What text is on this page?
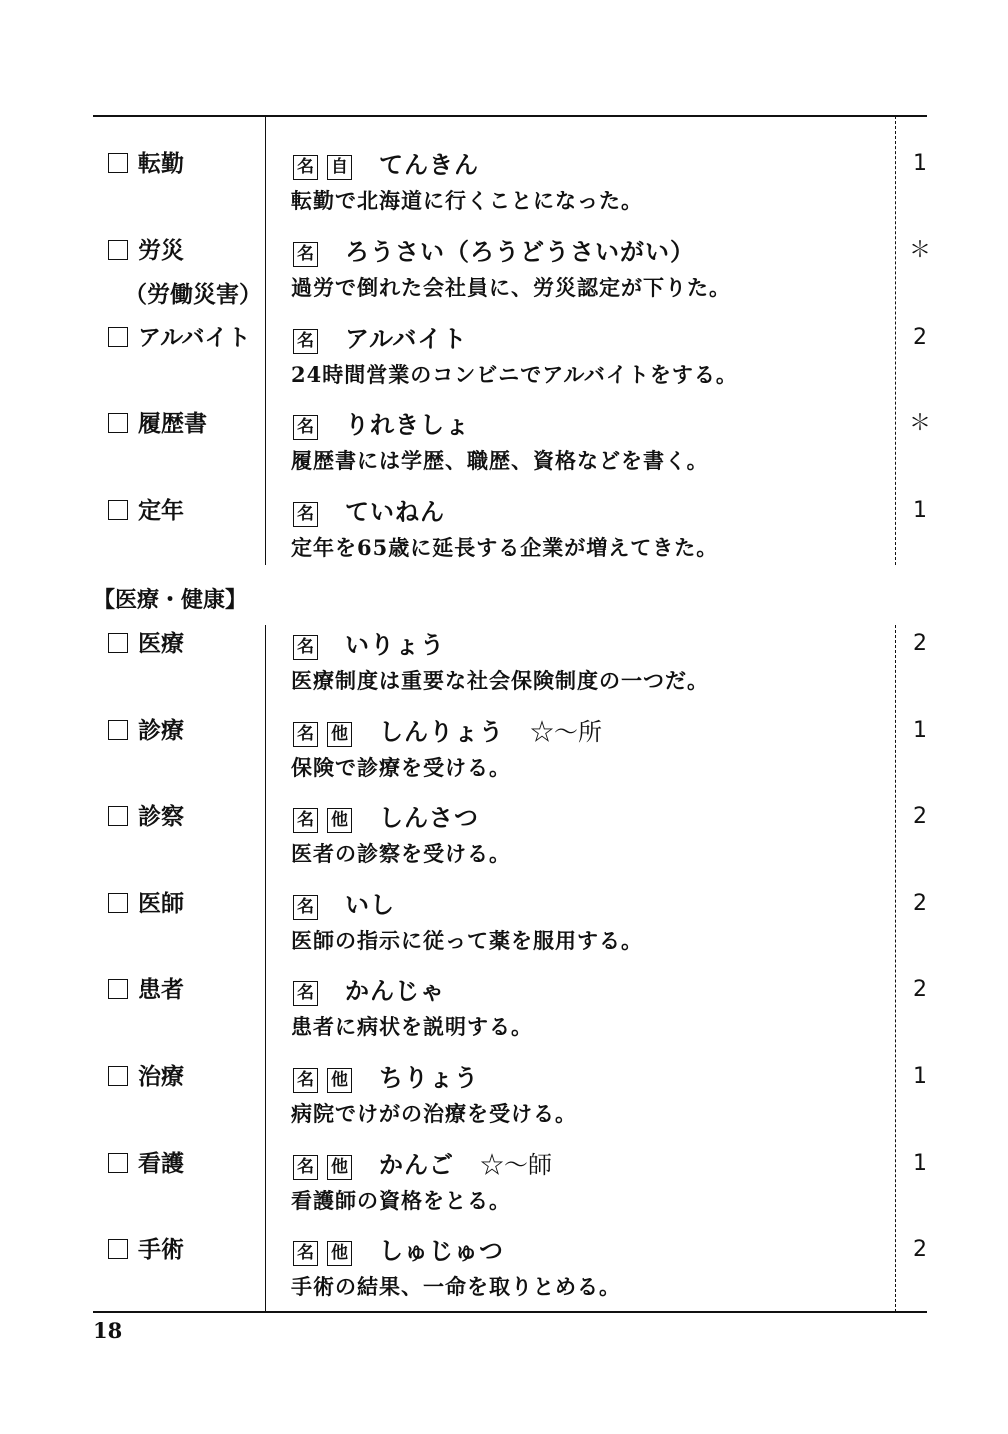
転勤	名 自	てんきん
転勤で北海道に行くことになった。
1
労災
（労働災害）
名	ろうさい（ろうどうさいがい）
過労で倒れた会社員に、労災認定が下りた。
＊
アルバイト	名	アルバイト
24時間営業のコンビニでアルバイトをする。
2
履歴書	名	りれきしょ
履歴書には学歴、職歴、資格などを書く。
＊
定年	名	ていねん
定年を65歳に延長する企業が増えてきた。
1
【医療・健康】
医療	名	いりょう
医療制度は重要な社会保険制度の一つだ。
2
診療	名 他	しんりょう ☆〜所
保険で診療を受ける。
1
診察	名 他	しんさつ
医者の診察を受ける。
2
医師	名	いし
医師の指示に従って薬を服用する。
2
患者	名	かんじゃ
患者に病状を説明する。
2
治療	名 他	ちりょう
病院でけがの治療を受ける。
1
看護	名 他	かんご ☆〜師
看護師の資格をとる。
1
手術	名 他	しゅじゅつ
手術の結果、一命を取りとめる。
2
18
